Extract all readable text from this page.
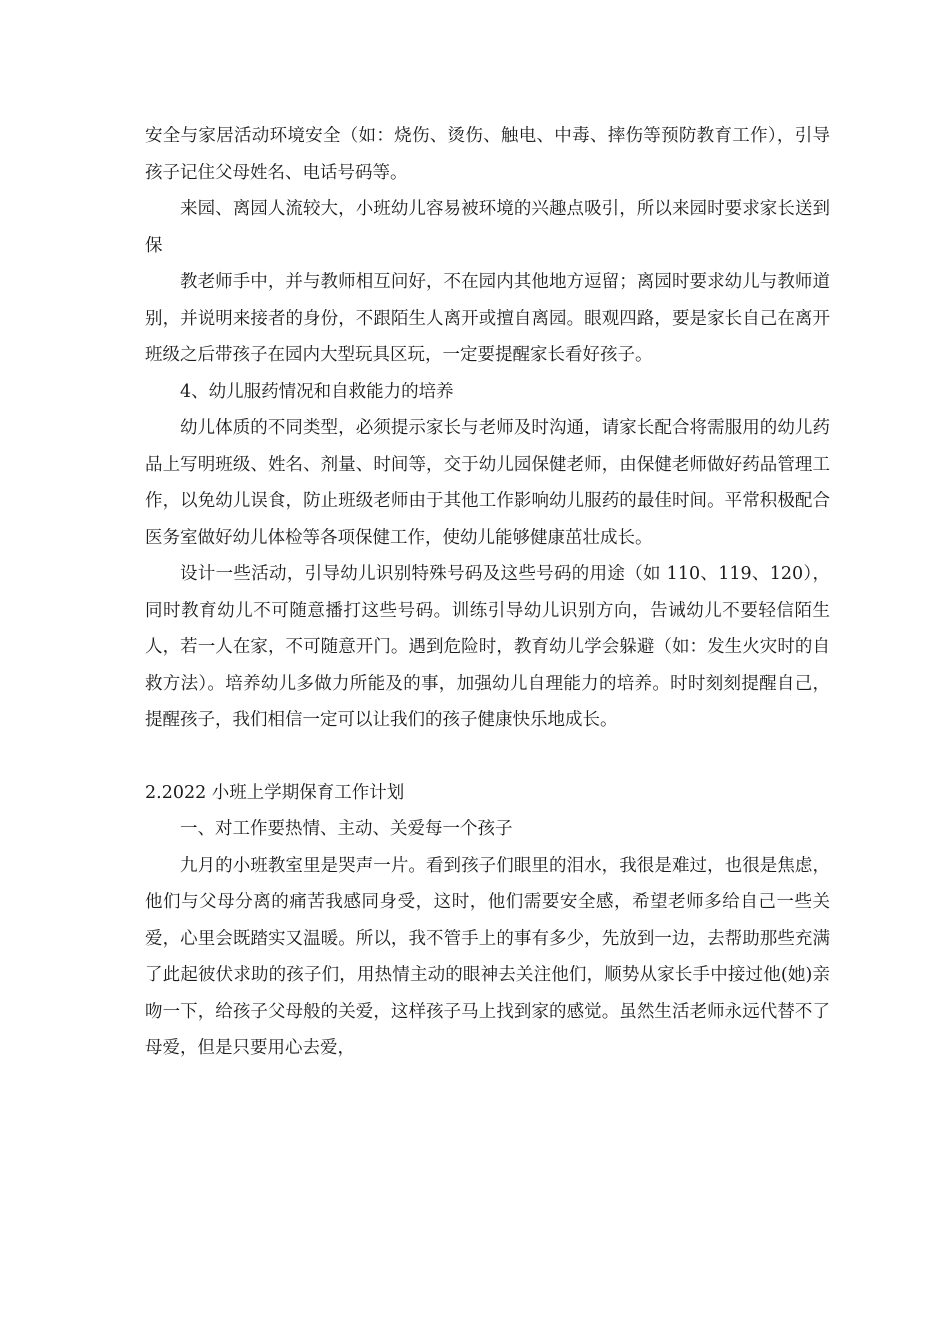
安全与家居活动环境安全（如：烧伤、烫伤、触电、中毒、摔伤等预防教育工作），引导孩子记住父母姓名、电话号码等。

来园、离园人流较大，小班幼儿容易被环境的兴趣点吸引，所以来园时要求家长送到保

教老师手中，并与教师相互问好，不在园内其他地方逗留；离园时要求幼儿与教师道别，并说明来接者的身份，不跟陌生人离开或擅自离园。眼观四路，要是家长自己在离开班级之后带孩子在园内大型玩具区玩，一定要提醒家长看好孩子。

4、幼儿服药情况和自救能力的培养

幼儿体质的不同类型，必须提示家长与老师及时沟通，请家长配合将需服用的幼儿药品上写明班级、姓名、剂量、时间等，交于幼儿园保健老师，由保健老师做好药品管理工作，以免幼儿误食，防止班级老师由于其他工作影响幼儿服药的最佳时间。平常积极配合医务室做好幼儿体检等各项保健工作，使幼儿能够健康茁壮成长。

设计一些活动，引导幼儿识别特殊号码及这些号码的用途（如 110、119、120），同时教育幼儿不可随意播打这些号码。训练引导幼儿识别方向，告诫幼儿不要轻信陌生人，若一人在家，不可随意开门。遇到危险时，教育幼儿学会躲避（如：发生火灾时的自救方法）。培养幼儿多做力所能及的事，加强幼儿自理能力的培养。时时刻刻提醒自己，提醒孩子，我们相信一定可以让我们的孩子健康快乐地成长。

2.2022 小班上学期保育工作计划

一、对工作要热情、主动、关爱每一个孩子

九月的小班教室里是哭声一片。看到孩子们眼里的泪水，我很是难过，也很是焦虑，他们与父母分离的痛苦我感同身受，这时，他们需要安全感，希望老师多给自己一些关爱，心里会既踏实又温暖。所以，我不管手上的事有多少，先放到一边，去帮助那些充满了此起彼伏求助的孩子们，用热情主动的眼神去关注他们，顺势从家长手中接过他(她)亲吻一下，给孩子父母般的关爱，这样孩子马上找到家的感觉。虽然生活老师永远代替不了母爱，但是只要用心去爱，
